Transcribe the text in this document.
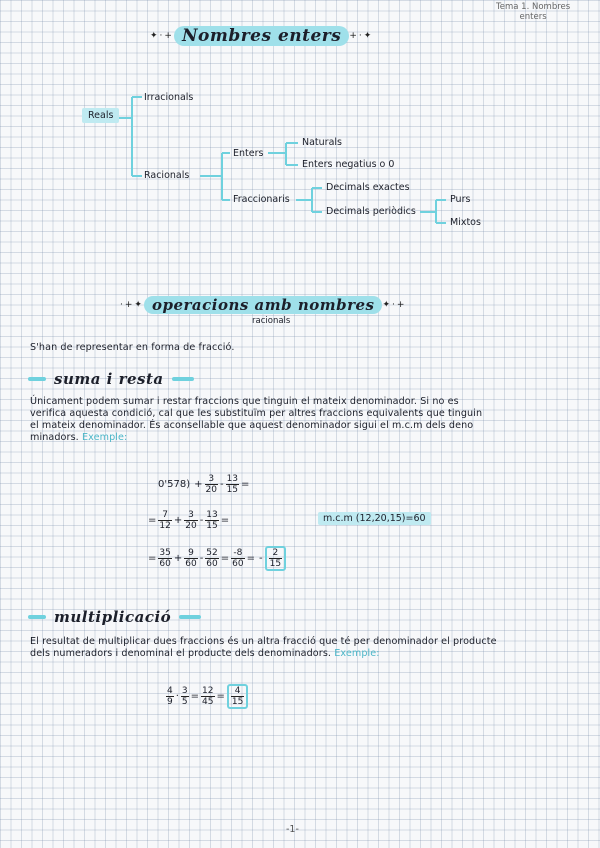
Tema 1. Nombres
enters
✦·+ Nombres enters +·✦
Reals
Irracionals
Racionals
Enters
Naturals
Enters negatius o 0
Fraccionaris
Decimals exactes
Decimals periòdics
Purs
Mixtos
·+✦ operacions amb nombres ✦·+
racionals
S'han de representar en forma de fracció.
suma i resta
Únicament podem sumar i restar fraccions que tinguin el mateix denominador. Si no es
verifica aquesta condició, cal que les substituïm per altres fraccions equivalents que tinguin
el mateix denominador. És aconsellable que aquest denominador sigui el m.c.m dels deno
minadors. Exemple:
$0'578) + \frac{3}{20} - \frac{13}{15}$ =
= $\frac{7}{12} + \frac{3}{20} - \frac{13}{15}$ =	m.c.m (12,20,15)=60
= $\frac{35}{60} + \frac{9}{60} - \frac{52}{60} = \frac{-8}{60}$ = - $\frac{2}{15}$
multiplicació
El resultat de multiplicar dues fraccions és un altra fracció que té per denominador el producte
dels numeradors i denominal el producte dels denominadors. Exemple:
$\frac{4}{9} \cdot \frac{3}{5} = \frac{12}{45} = \frac{4}{15}$
-1-
